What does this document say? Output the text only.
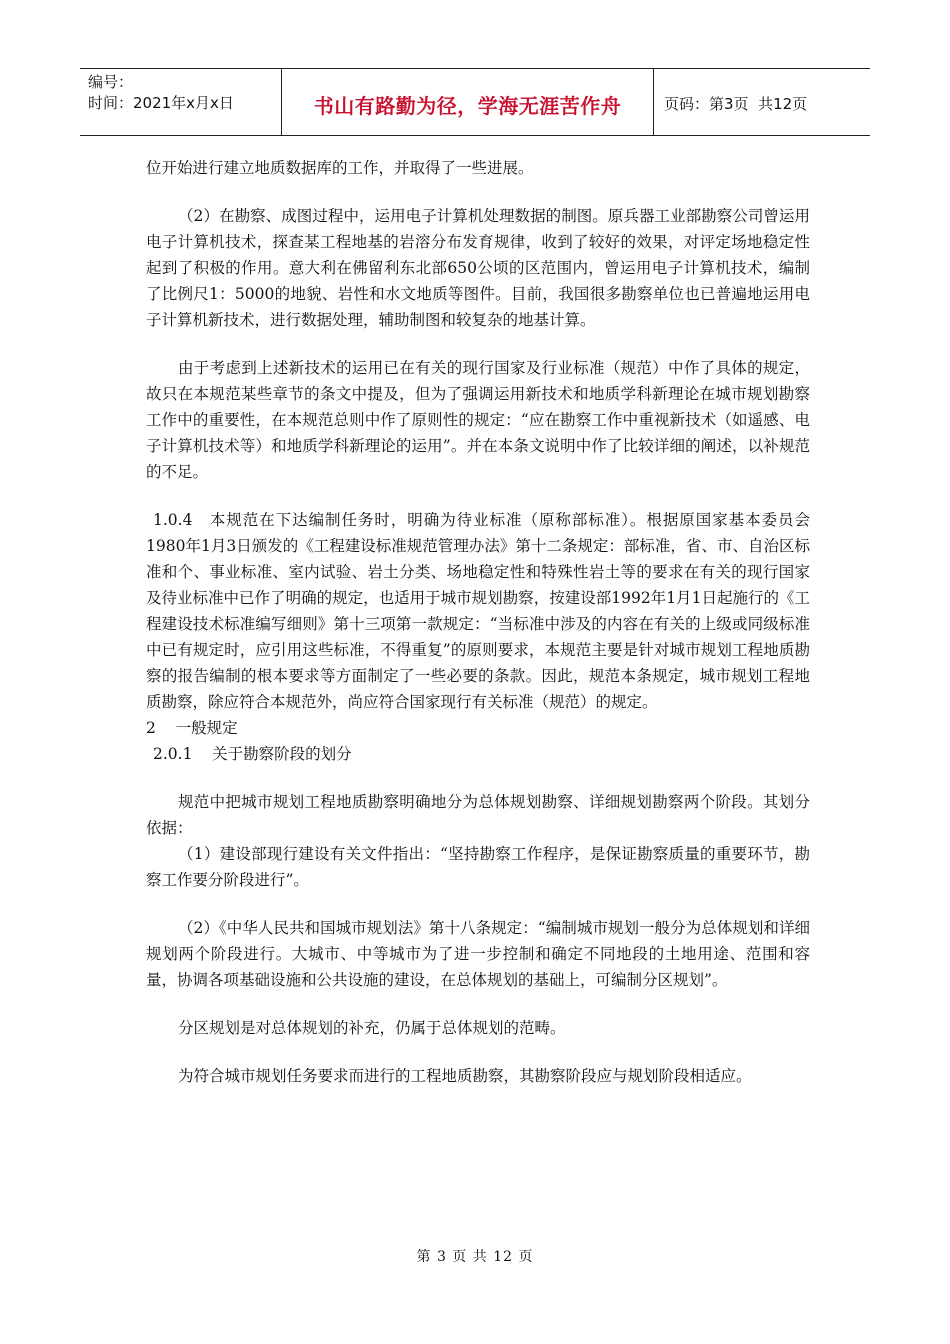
编号：
时间：2021年x月x日	书山有路勤为径，学海无涯苦作舟	页码：第3页  共12页

位开始进行建立地质数据库的工作，并取得了一些进展。

（2）在勘察、成图过程中，运用电子计算机处理数据的制图。原兵器工业部勘察公司曾运用电子计算机技术，探查某工程地基的岩溶分布发育规律，收到了较好的效果，对评定场地稳定性起到了积极的作用。意大利在佛留利东北部650公顷的区范围内，曾运用电子计算机技术，编制了比例尺1：5000的地貌、岩性和水文地质等图件。目前，我国很多勘察单位也已普遍地运用电子计算机新技术，进行数据处理，辅助制图和较复杂的地基计算。

由于考虑到上述新技术的运用已在有关的现行国家及行业标准（规范）中作了具体的规定，故只在本规范某些章节的条文中提及，但为了强调运用新技术和地质学科新理论在城市规划勘察工作中的重要性，在本规范总则中作了原则性的规定：“应在勘察工作中重视新技术（如遥感、电子计算机技术等）和地质学科新理论的运用”。并在本条文说明中作了比较详细的阐述，以补规范的不足。

1.0.4　本规范在下达编制任务时，明确为待业标准（原称部标准）。根据原国家基本委员会1980年1月3日颁发的《工程建设标准规范管理办法》第十二条规定：部标准，省、市、自治区标准和个、事业标准、室内试验、岩土分类、场地稳定性和特殊性岩土等的要求在有关的现行国家及待业标准中已作了明确的规定，也适用于城市规划勘察，按建设部1992年1月1日起施行的《工程建设技术标准编写细则》第十三项第一款规定：“当标准中涉及的内容在有关的上级或同级标准中已有规定时，应引用这些标准，不得重复”的原则要求，本规范主要是针对城市规划工程地质勘察的报告编制的根本要求等方面制定了一些必要的条款。因此，规范本条规定，城市规划工程地质勘察，除应符合本规范外，尚应符合国家现行有关标准（规范）的规定。

2    一般规定

2.0.1    关于勘察阶段的划分

规范中把城市规划工程地质勘察明确地分为总体规划勘察、详细规划勘察两个阶段。其划分依据：

（1）建设部现行建设有关文件指出：“坚持勘察工作程序，是保证勘察质量的重要环节，勘察工作要分阶段进行”。

（2）《中华人民共和国城市规划法》第十八条规定：“编制城市规划一般分为总体规划和详细规划两个阶段进行。大城市、中等城市为了进一步控制和确定不同地段的土地用途、范围和容量，协调各项基础设施和公共设施的建设，在总体规划的基础上，可编制分区规划”。

分区规划是对总体规划的补充，仍属于总体规划的范畴。

为符合城市规划任务要求而进行的工程地质勘察，其勘察阶段应与规划阶段相适应。

第 3 页 共 12 页
